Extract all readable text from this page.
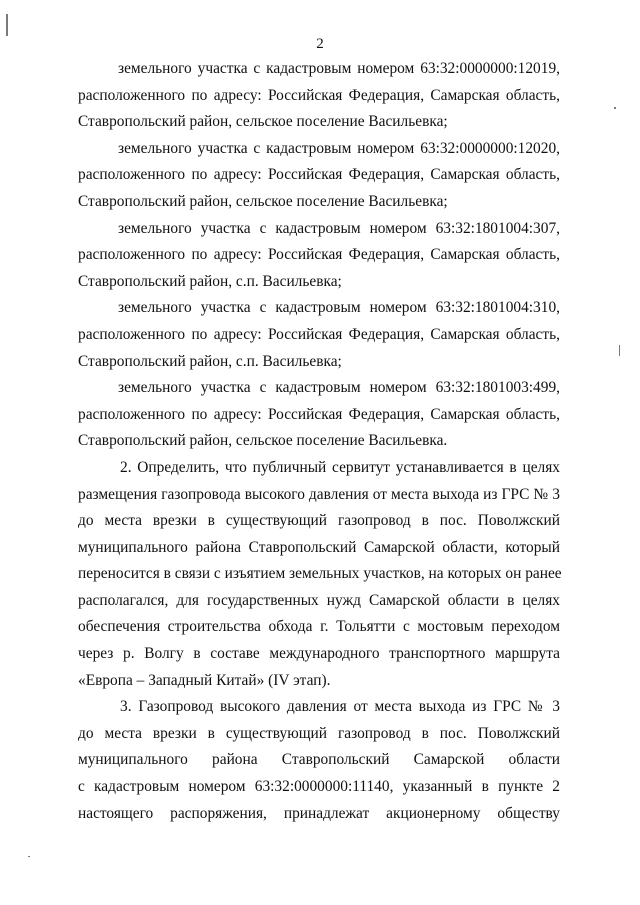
2
земельного участка с кадастровым номером 63:32:0000000:12019,
расположенного по адресу: Российская Федерация, Самарская область,
Ставропольский район, сельское поселение Васильевка;
земельного участка с кадастровым номером 63:32:0000000:12020,
расположенного по адресу: Российская Федерация, Самарская область,
Ставропольский район, сельское поселение Васильевка;
земельного участка с кадастровым номером 63:32:1801004:307,
расположенного по адресу: Российская Федерация, Самарская область,
Ставропольский район, с.п. Васильевка;
земельного участка с кадастровым номером 63:32:1801004:310,
расположенного по адресу: Российская Федерация, Самарская область,
Ставропольский район, с.п. Васильевка;
земельного участка с кадастровым номером 63:32:1801003:499,
расположенного по адресу: Российская Федерация, Самарская область,
Ставропольский район, сельское поселение Васильевка.
2. Определить, что публичный сервитут устанавливается в целях
размещения газопровода высокого давления от места выхода из ГРС № 3
до места врезки в существующий газопровод в пос. Поволжский
муниципального района Ставропольский Самарской области, который
переносится в связи с изъятием земельных участков, на которых он ранее
располагался, для государственных нужд Самарской области в целях
обеспечения строительства обхода г. Тольятти с мостовым переходом
через р. Волгу в составе международного транспортного маршрута
«Европа – Западный Китай» (IV этап).
3. Газопровод высокого давления от места выхода из ГРС № 3
до места врезки в существующий газопровод в пос. Поволжский
муниципального района Ставропольский Самарской области
с кадастровым номером 63:32:0000000:11140, указанный в пункте 2
настоящего распоряжения, принадлежат акционерному обществу
